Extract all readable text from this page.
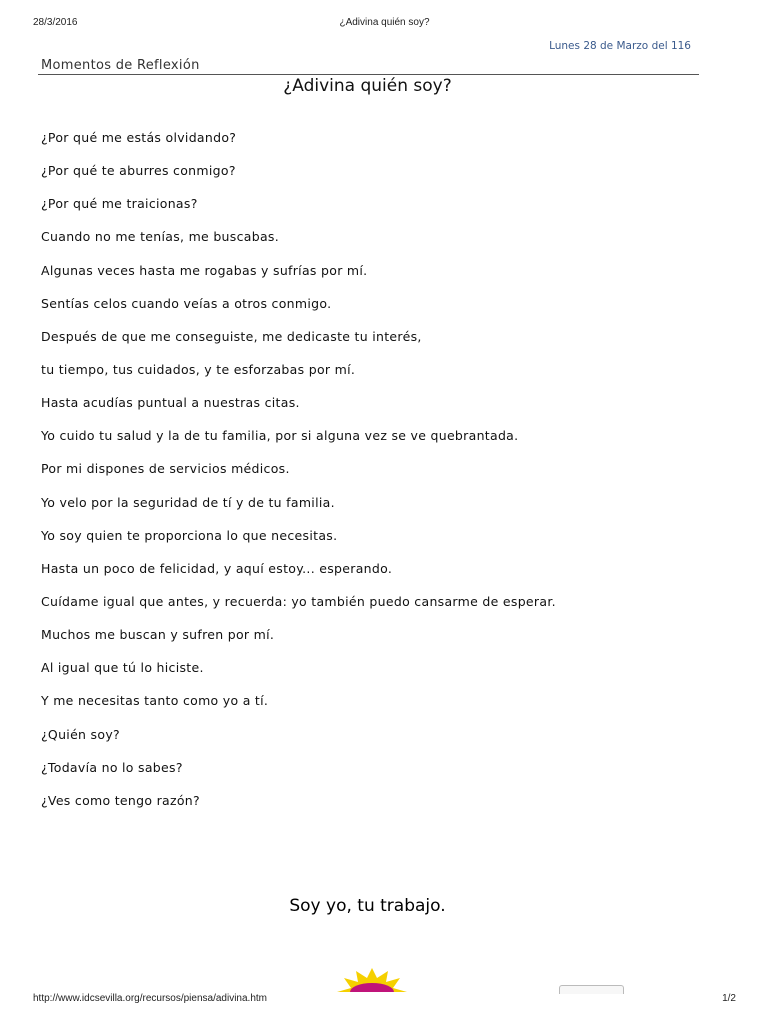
28/3/2016	¿Adivina quién soy?
Lunes 28 de Marzo del 116
Momentos de Reflexión
¿Adivina quién soy?
¿Por qué me estás olvidando?
¿Por qué te aburres conmigo?
¿Por qué me traicionas?
Cuando no me tenías, me buscabas.
Algunas veces hasta me rogabas y sufrías por mí.
Sentías celos cuando veías a otros conmigo.
Después de que me conseguiste, me dedicaste tu interés,
tu tiempo, tus cuidados, y te esforzabas por mí.
Hasta acudías puntual a nuestras citas.
Yo cuido tu salud y la de tu familia, por si alguna vez se ve quebrantada.
Por mi dispones de servicios médicos.
Yo velo por la seguridad de tí y de tu familia.
Yo soy quien te proporciona lo que necesitas.
Hasta un poco de felicidad, y aquí estoy... esperando.
Cuídame igual que antes, y recuerda: yo también puedo cansarme de esperar.
Muchos me buscan y sufren por mí.
Al igual que tú lo hiciste.
Y me necesitas tanto como yo a tí.
¿Quién soy?
¿Todavía no lo sabes?
¿Ves como tengo razón?
Soy yo, tu trabajo.
http://www.idcsevilla.org/recursos/piensa/adivina.htm	1/2
